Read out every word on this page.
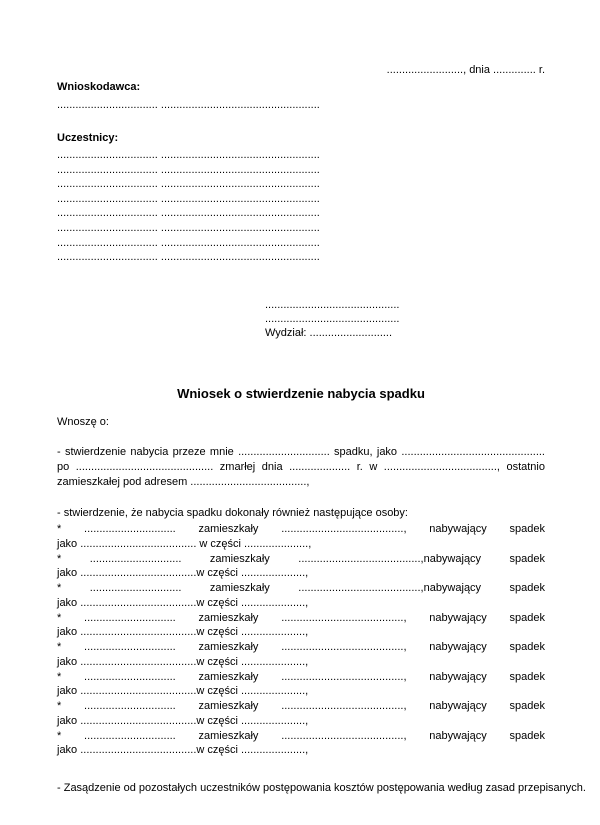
........................., dnia .............. r.
Wnioskodawca:
................................. ....................................................
Uczestnicy:
................................. ....................................................
................................. ....................................................
................................. ....................................................
................................. ....................................................
................................. ....................................................
................................. ....................................................
................................. ....................................................
................................. ....................................................
............................................
............................................
Wydział: ...........................
Wniosek o stwierdzenie nabycia spadku
Wnoszę o:
- stwierdzenie nabycia przeze mnie .............................. spadku, jako ...............................................
po ............................................. zmarłej dnia .................... r. w ....................................., ostatnio
zamieszkałej pod adresem ......................................,
- stwierdzenie, że nabycia spadku dokonały również następujące osoby:
* .............................. zamieszkały ........................................, nabywający spadek
jako ...................................... w części .....................,
* .............................. zamieszkały ........................................,nabywający spadek
jako ......................................w części .....................,
* .............................. zamieszkały ........................................,nabywający spadek
jako ......................................w części .....................,
* .............................. zamieszkały ........................................, nabywający spadek
jako ......................................w części .....................,
* .............................. zamieszkały ........................................, nabywający spadek
jako ......................................w części .....................,
* .............................. zamieszkały ........................................, nabywający spadek
jako ......................................w części .....................,
* .............................. zamieszkały ........................................, nabywający spadek
jako ......................................w części .....................,
* .............................. zamieszkały ........................................, nabywający spadek
jako ......................................w części .....................,
- Zasądzenie od pozostałych uczestników postępowania kosztów postępowania według zasad przepisanych.
